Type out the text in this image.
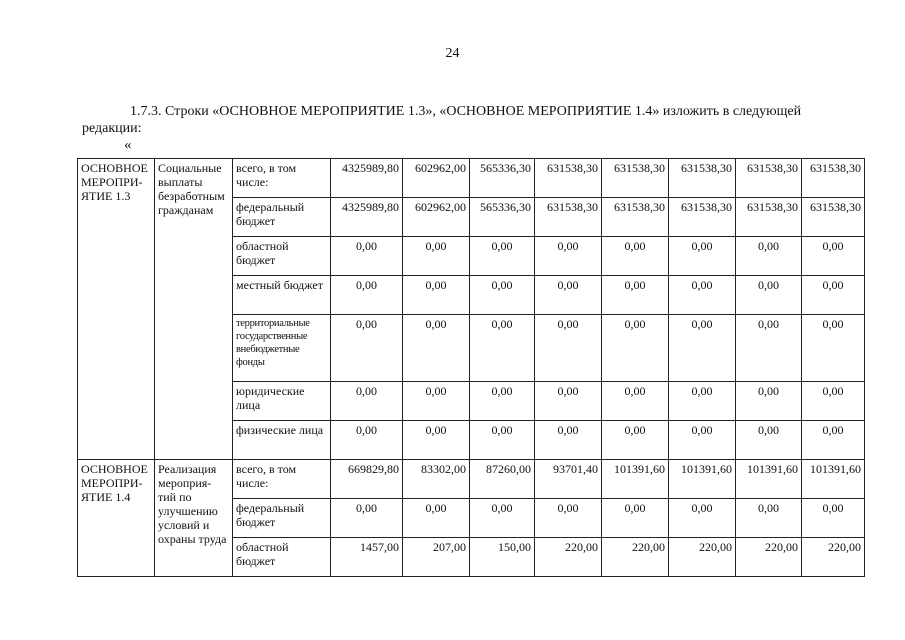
24
1.7.3. Строки «ОСНОВНОЕ МЕРОПРИЯТИЕ 1.3», «ОСНОВНОЕ МЕРОПРИЯТИЕ 1.4» изложить в следующей
редакции:
«
ОСНОВНОЕ МЕРОПРИ-ЯТИЕ 1.3	Социальные выплаты безработным гражданам	всего, в том числе:	4325989,80	602962,00	565336,30	631538,30	631538,30	631538,30	631538,30	631538,30
		федеральный бюджет	4325989,80	602962,00	565336,30	631538,30	631538,30	631538,30	631538,30	631538,30
		областной бюджет	0,00	0,00	0,00	0,00	0,00	0,00	0,00	0,00
		местный бюджет	0,00	0,00	0,00	0,00	0,00	0,00	0,00	0,00
		территориальные государственные внебюджетные фонды	0,00	0,00	0,00	0,00	0,00	0,00	0,00	0,00
		юридические лица	0,00	0,00	0,00	0,00	0,00	0,00	0,00	0,00
		физические лица	0,00	0,00	0,00	0,00	0,00	0,00	0,00	0,00
ОСНОВНОЕ МЕРОПРИ-ЯТИЕ 1.4	Реализация мероприя-тий по улучшению условий и охраны труда	всего, в том числе:	669829,80	83302,00	87260,00	93701,40	101391,60	101391,60	101391,60	101391,60
		федеральный бюджет	0,00	0,00	0,00	0,00	0,00	0,00	0,00	0,00
		областной бюджет	1457,00	207,00	150,00	220,00	220,00	220,00	220,00	220,00
